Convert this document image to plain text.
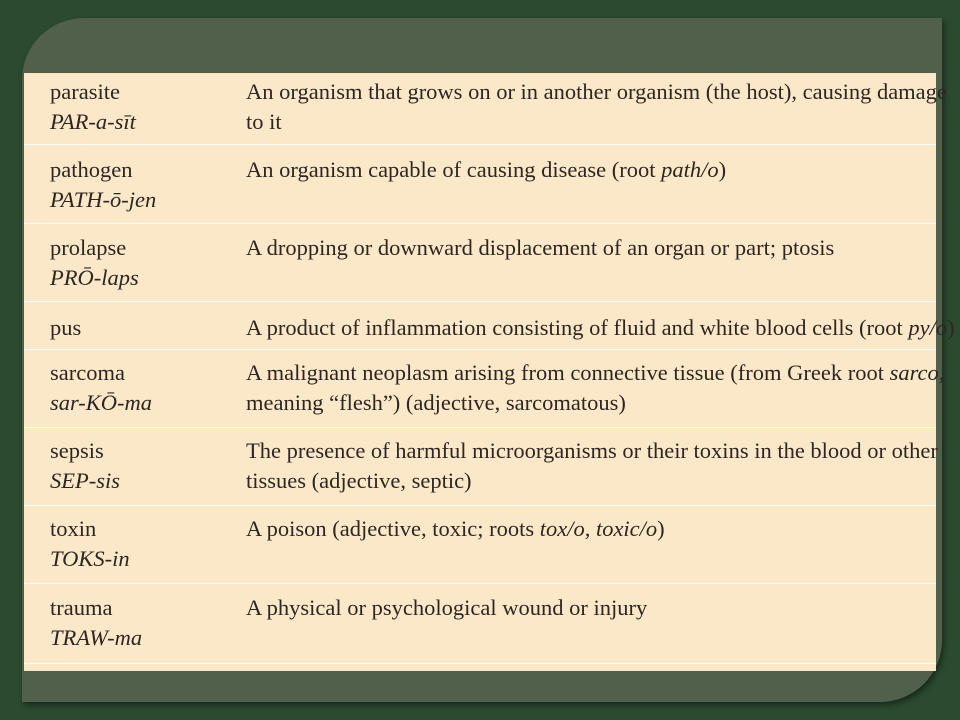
parasite
PAR-a-sīt
An organism that grows on or in another organism (the host), causing damage
to it
pathogen
PATH-ō-jen
An organism capable of causing disease (root path/o)
prolapse
PRŌ-laps
A dropping or downward displacement of an organ or part; ptosis
pus	A product of inflammation consisting of fluid and white blood cells (root py/o)
sarcoma
sar-KŌ-ma
A malignant neoplasm arising from connective tissue (from Greek root sarco,
meaning “flesh”) (adjective, sarcomatous)
sepsis
SEP-sis
The presence of harmful microorganisms or their toxins in the blood or other
tissues (adjective, septic)
toxin
TOKS-in
A poison (adjective, toxic; roots tox/o, toxic/o)
trauma
TRAW-ma
A physical or psychological wound or injury
